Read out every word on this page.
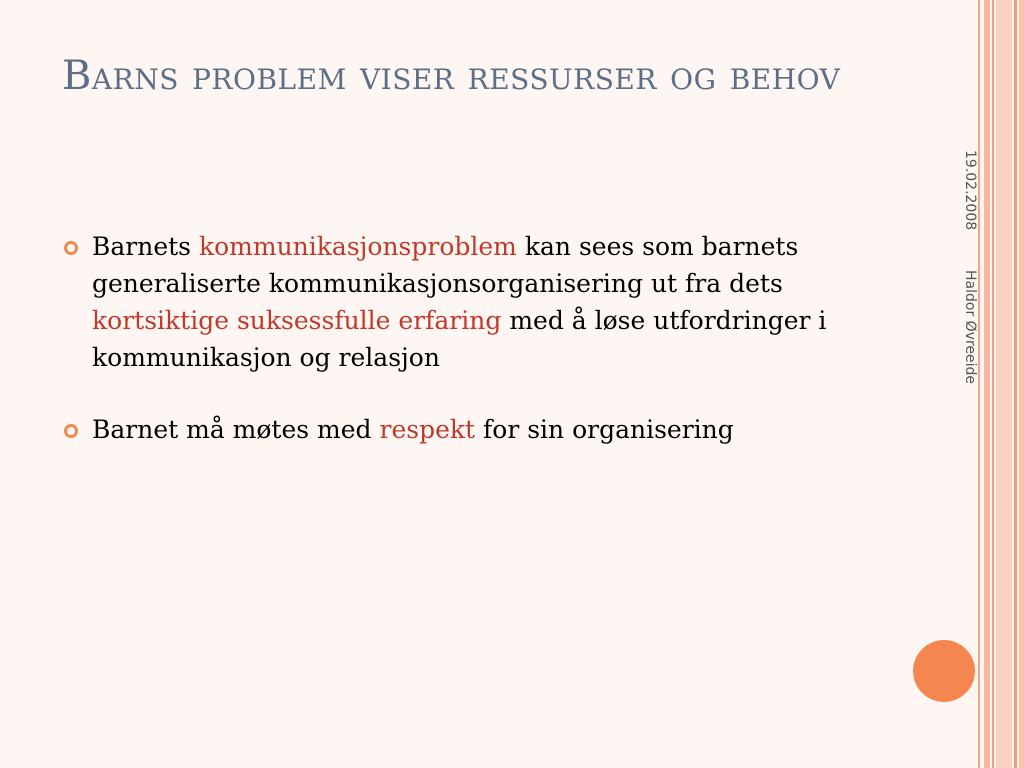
Barns problem viser ressurser og behov
19.02.2008
Haldor Øvreeide
Barnets kommunikasjonsproblem kan sees som barnets generaliserte kommunikasjonsorganisering ut fra dets kortsiktige suksessfulle erfaring med å løse utfordringer i kommunikasjon og relasjon
Barnet må møtes med respekt for sin organisering
